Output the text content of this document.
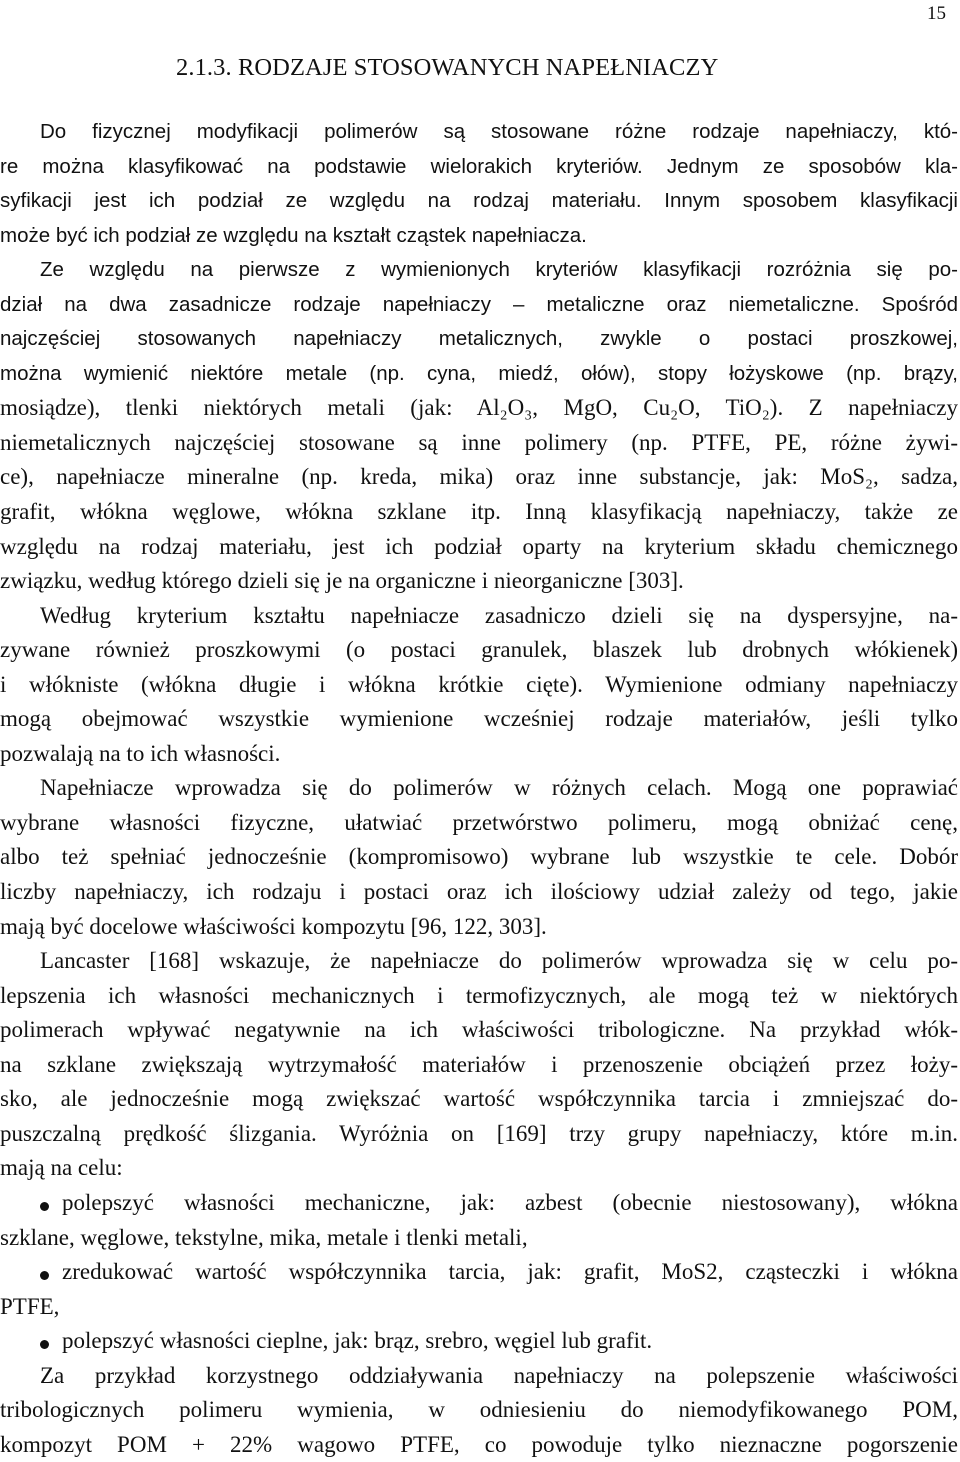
15
2.1.3. RODZAJE STOSOWANYCH NAPEŁNIACZY
Do fizycznej modyfikacji polimerów są stosowane różne rodzaje napełniaczy, któ-
re można klasyfikować na podstawie wielorakich kryteriów. Jednym ze sposobów kla-
syfikacji jest ich podział ze względu na rodzaj materiału. Innym sposobem klasyfikacji
może być ich podział ze względu na kształt cząstek napełniacza.
Ze względu na pierwsze z wymienionych kryteriów klasyfikacji rozróżnia się po-
dział na dwa zasadnicze rodzaje napełniaczy – metaliczne oraz niemetaliczne. Spośród
najczęściej stosowanych napełniaczy metalicznych, zwykle o postaci proszkowej,
można wymienić niektóre metale (np. cyna, miedź, ołów), stopy łożyskowe (np. brązy,
mosiądze), tlenki niektórych metali (jak: Al₂O₃, MgO, Cu₂O, TiO₂). Z napełniaczy
niemetalicznych najczęściej stosowane są inne polimery (np. PTFE, PE, różne żywi-
ce), napełniacze mineralne (np. kreda, mika) oraz inne substancje, jak: MoS₂, sadza,
grafit, włókna węglowe, włókna szklane itp. Inną klasyfikacją napełniaczy, także ze
względu na rodzaj materiału, jest ich podział oparty na kryterium składu chemicznego
związku, według którego dzieli się je na organiczne i nieorganiczne [303].
Według kryterium kształtu napełniacze zasadniczo dzieli się na dyspersyjne, na-
zywane również proszkowymi (o postaci granulek, blaszek lub drobnych włókienek)
i włókniste (włókna długie i włókna krótkie cięte). Wymienione odmiany napełniaczy
mogą obejmować wszystkie wymienione wcześniej rodzaje materiałów, jeśli tylko
pozwalają na to ich własności.
Napełniacze wprowadza się do polimerów w różnych celach. Mogą one poprawiać
wybrane własności fizyczne, ułatwiać przetwórstwo polimeru, mogą obniżać cenę,
albo też spełniać jednocześnie (kompromisowo) wybrane lub wszystkie te cele. Dobór
liczby napełniaczy, ich rodzaju i postaci oraz ich ilościowy udział zależy od tego, jakie
mają być docelowe właściwości kompozytu [96, 122, 303].
Lancaster [168] wskazuje, że napełniacze do polimerów wprowadza się w celu po-
lepszenia ich własności mechanicznych i termofizycznych, ale mogą też w niektórych
polimerach wpływać negatywnie na ich właściwości tribologiczne. Na przykład włók-
na szklane zwiększają wytrzymałość materiałów i przenoszenie obciążeń przez łoży-
sko, ale jednocześnie mogą zwiększać wartość współczynnika tarcia i zmniejszać do-
puszczalną prędkość ślizgania. Wyróżnia on [169] trzy grupy napełniaczy, które m.in.
mają na celu:
polepszyć własności mechaniczne, jak: azbest (obecnie niestosowany), włókna
szklane, węglowe, tekstylne, mika, metale i tlenki metali,
zredukować wartość współczynnika tarcia, jak: grafit, MoS2, cząsteczki i włókna
PTFE,
polepszyć własności cieplne, jak: brąz, srebro, węgiel lub grafit.
Za przykład korzystnego oddziaływania napełniaczy na polepszenie właściwości
tribologicznych polimeru wymienia, w odniesieniu do niemodyfikowanego POM,
kompozyt POM + 22% wagowo PTFE, co powoduje tylko nieznaczne pogorszenie
